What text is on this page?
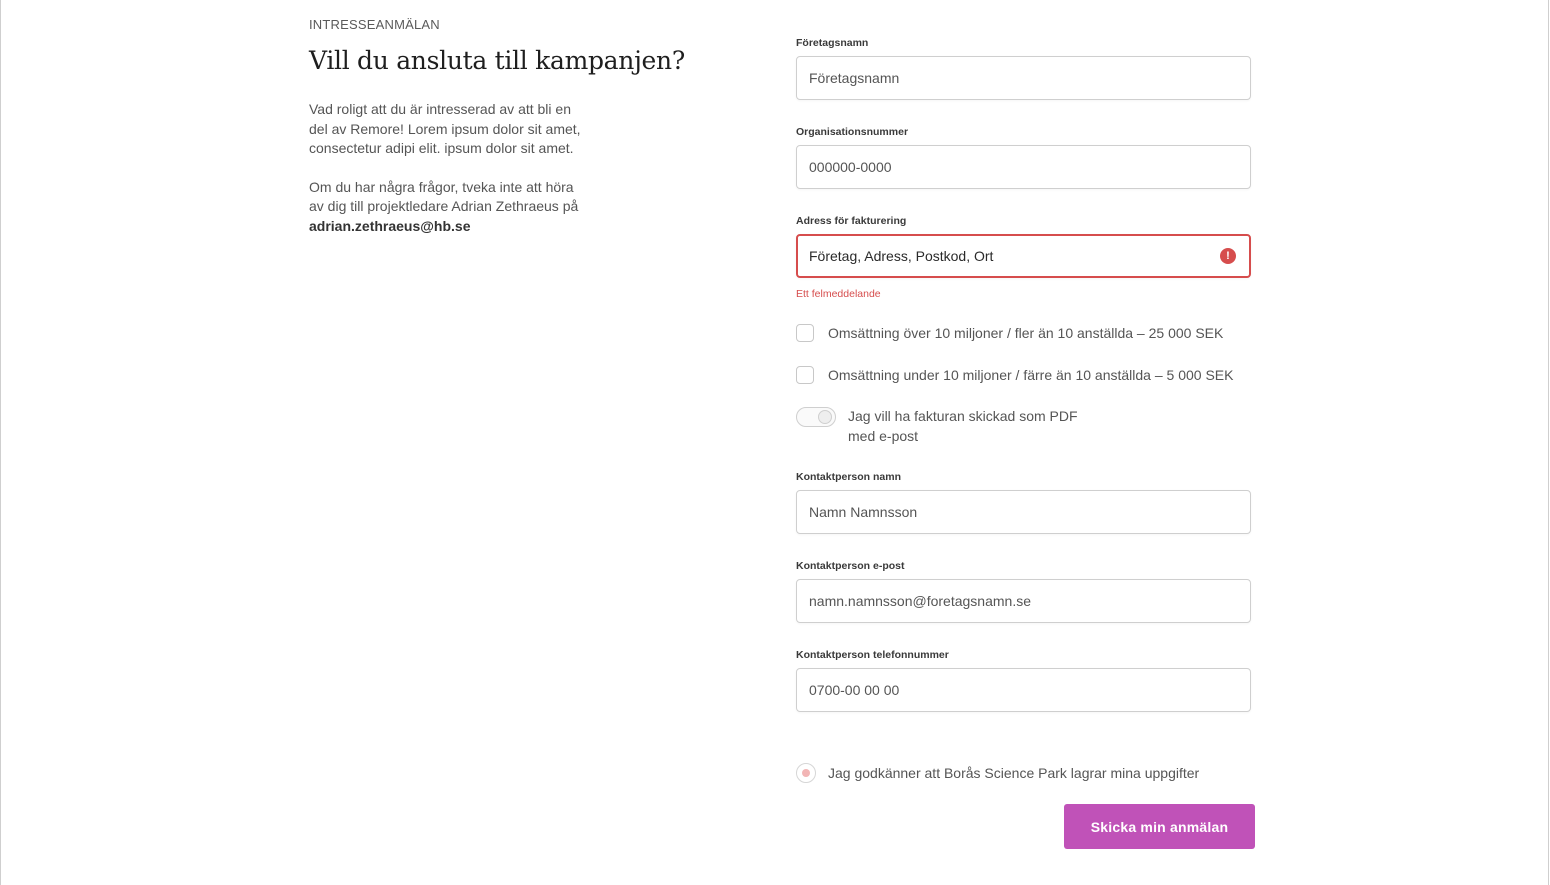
INTRESSEANMÄLAN
Vill du ansluta till kampanjen?

Vad roligt att du är intresserad av att bli en del av Remore! Lorem ipsum dolor sit amet, consectetur adipi elit. ipsum dolor sit amet.

Om du har några frågor, tveka inte att höra av dig till projektledare Adrian Zethraeus på adrian.zethraeus@hb.se

Företagsnamn
Företagsnamn
Organisationsnummer
000000-0000
Adress för fakturering
Företag, Adress, Postkod, Ort
!
Ett felmeddelande
Omsättning över 10 miljoner / fler än 10 anställda – 25 000 SEK
Omsättning under 10 miljoner / färre än 10 anställda – 5 000 SEK
Jag vill ha fakturan skickad som PDF med e-post
Kontaktperson namn
Namn Namnsson
Kontaktperson e-post
namn.namnsson@foretagsnamn.se
Kontaktperson telefonnummer
0700-00 00 00
Jag godkänner att Borås Science Park lagrar mina uppgifter
Skicka min anmälan
